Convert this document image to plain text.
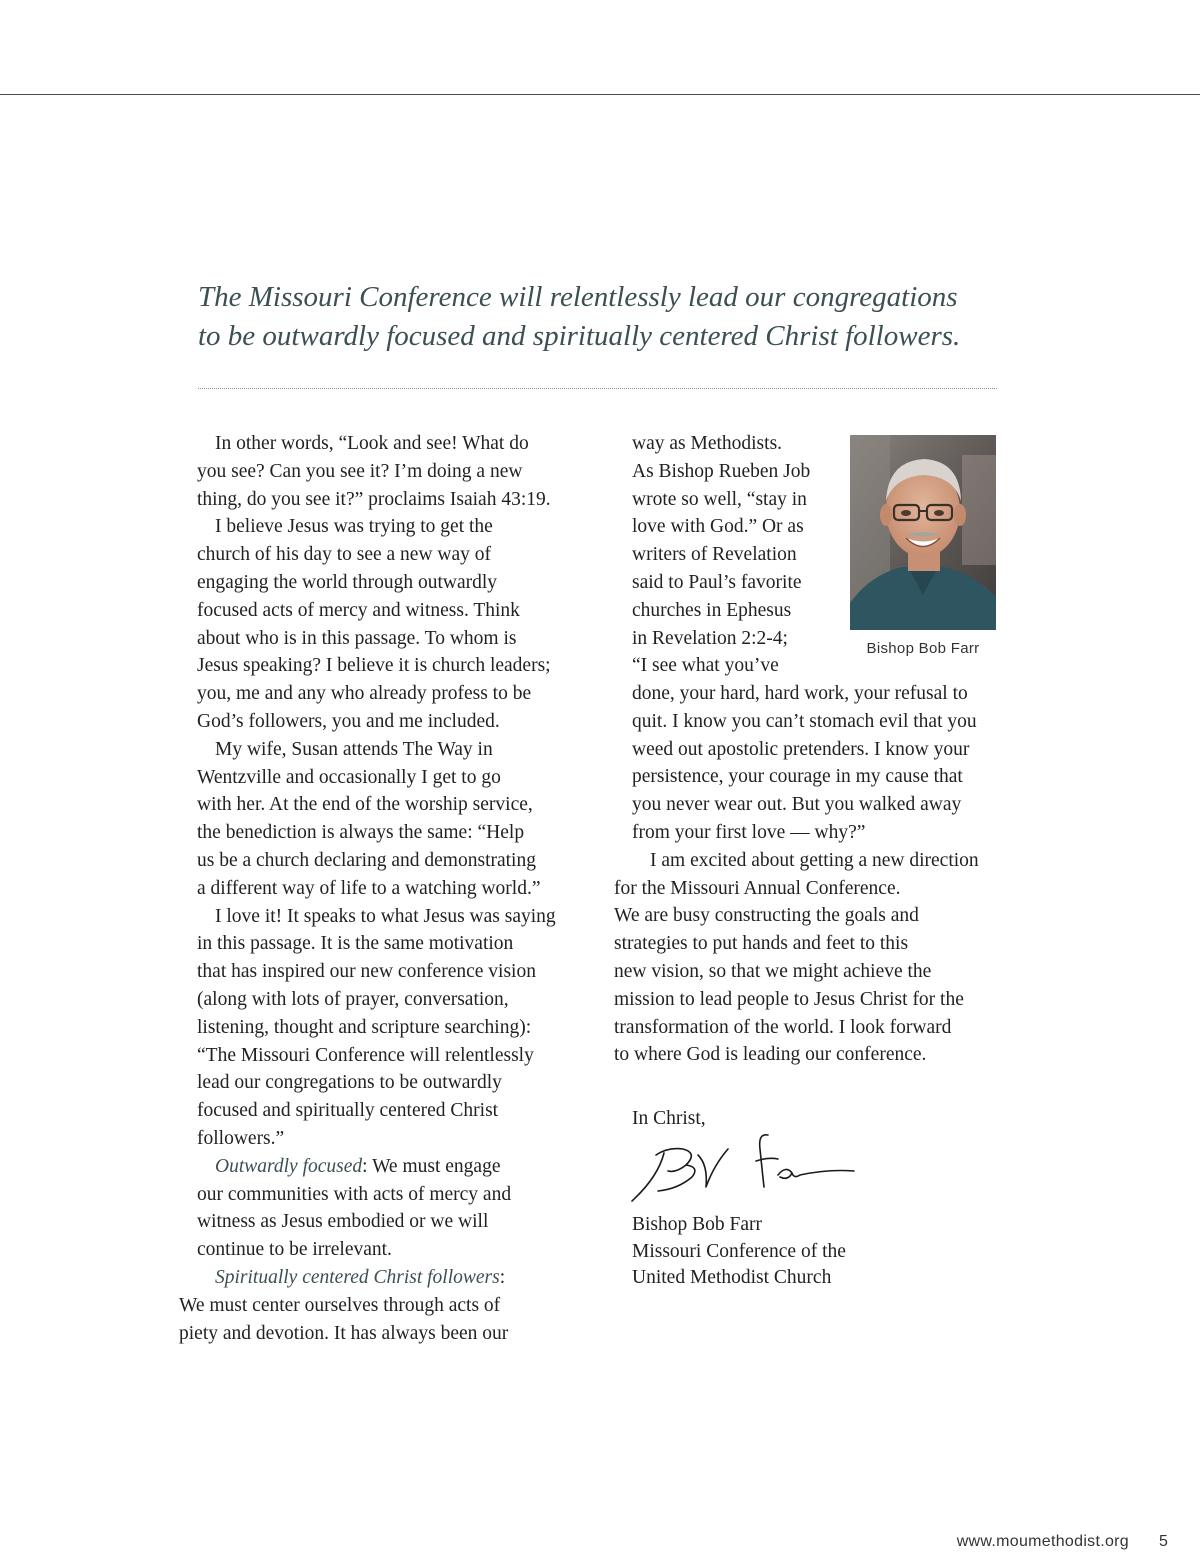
The Missouri Conference will relentlessly lead our congregations
to be outwardly focused and spiritually centered Christ followers.

In other words, “Look and see! What do
you see? Can you see it? I’m doing a new
thing, do you see it?” proclaims Isaiah 43:19.

I believe Jesus was trying to get the
church of his day to see a new way of
engaging the world through outwardly
focused acts of mercy and witness. Think
about who is in this passage. To whom is
Jesus speaking? I believe it is church leaders;
you, me and any who already profess to be
God’s followers, you and me included.

My wife, Susan attends The Way in
Wentzville and occasionally I get to go
with her. At the end of the worship service,
the benediction is always the same: “Help
us be a church declaring and demonstrating
a different way of life to a watching world.”

I love it! It speaks to what Jesus was saying
in this passage. It is the same motivation
that has inspired our new conference vision
(along with lots of prayer, conversation,
listening, thought and scripture searching):
“The Missouri Conference will relentlessly
lead our congregations to be outwardly
focused and spiritually centered Christ
followers.”

Outwardly focused: We must engage
our communities with acts of mercy and
witness as Jesus embodied or we will
continue to be irrelevant.

Spiritually centered Christ followers:
We must center ourselves through acts of
piety and devotion. It has always been our

way as Methodists.
As Bishop Rueben Job
wrote so well, “stay in
love with God.” Or as
writers of Revelation
said to Paul’s favorite
churches in Ephesus
in Revelation 2:2-4;
“I see what you’ve

Bishop Bob Farr

done, your hard, hard work, your refusal to
quit. I know you can’t stomach evil that you
weed out apostolic pretenders. I know your
persistence, your courage in my cause that
you never wear out. But you walked away
from your first love — why?”

I am excited about getting a new direction
for the Missouri Annual Conference.
We are busy constructing the goals and
strategies to put hands and feet to this
new vision, so that we might achieve the
mission to lead people to Jesus Christ for the
transformation of the world. I look forward
to where God is leading our conference.

In Christ,
Bishop Bob Farr
Missouri Conference of the
United Methodist Church
www.moumethodist.org 5
